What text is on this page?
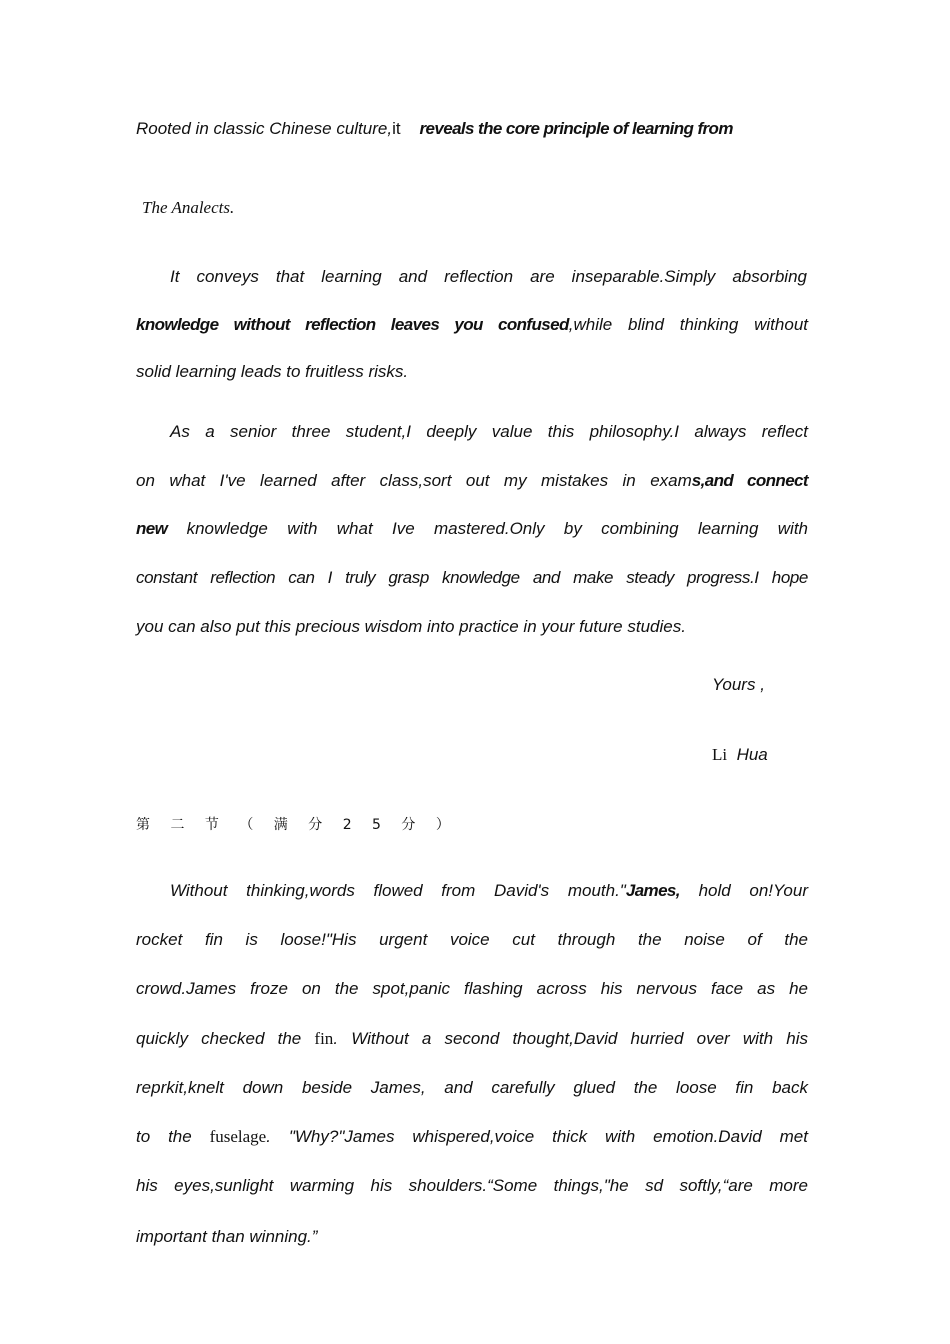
Rooted in classic Chinese culture,it reveals the core principle of learning from
The Analects.
It conveys that learning and reflection are inseparable.Simply absorbing
knowledge without reflection leaves you confused,while blind thinking without
solid learning leads to fruitless risks.
As a senior three student,I deeply value this philosophy.I always reflect
on what I've learned after class,sort out my mistakes in exams,and connect
new knowledge with what Ive mastered.Only by combining learning with
constant reflection can I truly grasp knowledge and make steady progress.I hope
you can also put this precious wisdom into practice in your future studies.
Yours ,
Li Hua
第 二 节 （ 满 分 2 5 分 ）
Without thinking,words flowed from David's mouth."James, hold on!Your
rocket fin is loose!"His urgent voice cut through the noise of the
crowd.James froze on the spot,panic flashing across his nervous face as he
quickly checked the fin. Without a second thought,David hurried over with his
reprkit,knelt down beside James, and carefully glued the loose fin back
to the fuselage. "Why?"James whispered,voice thick with emotion.David met
his eyes,sunlight warming his shoulders.“Some things,"he sd softly,“are more
important than winning.”
